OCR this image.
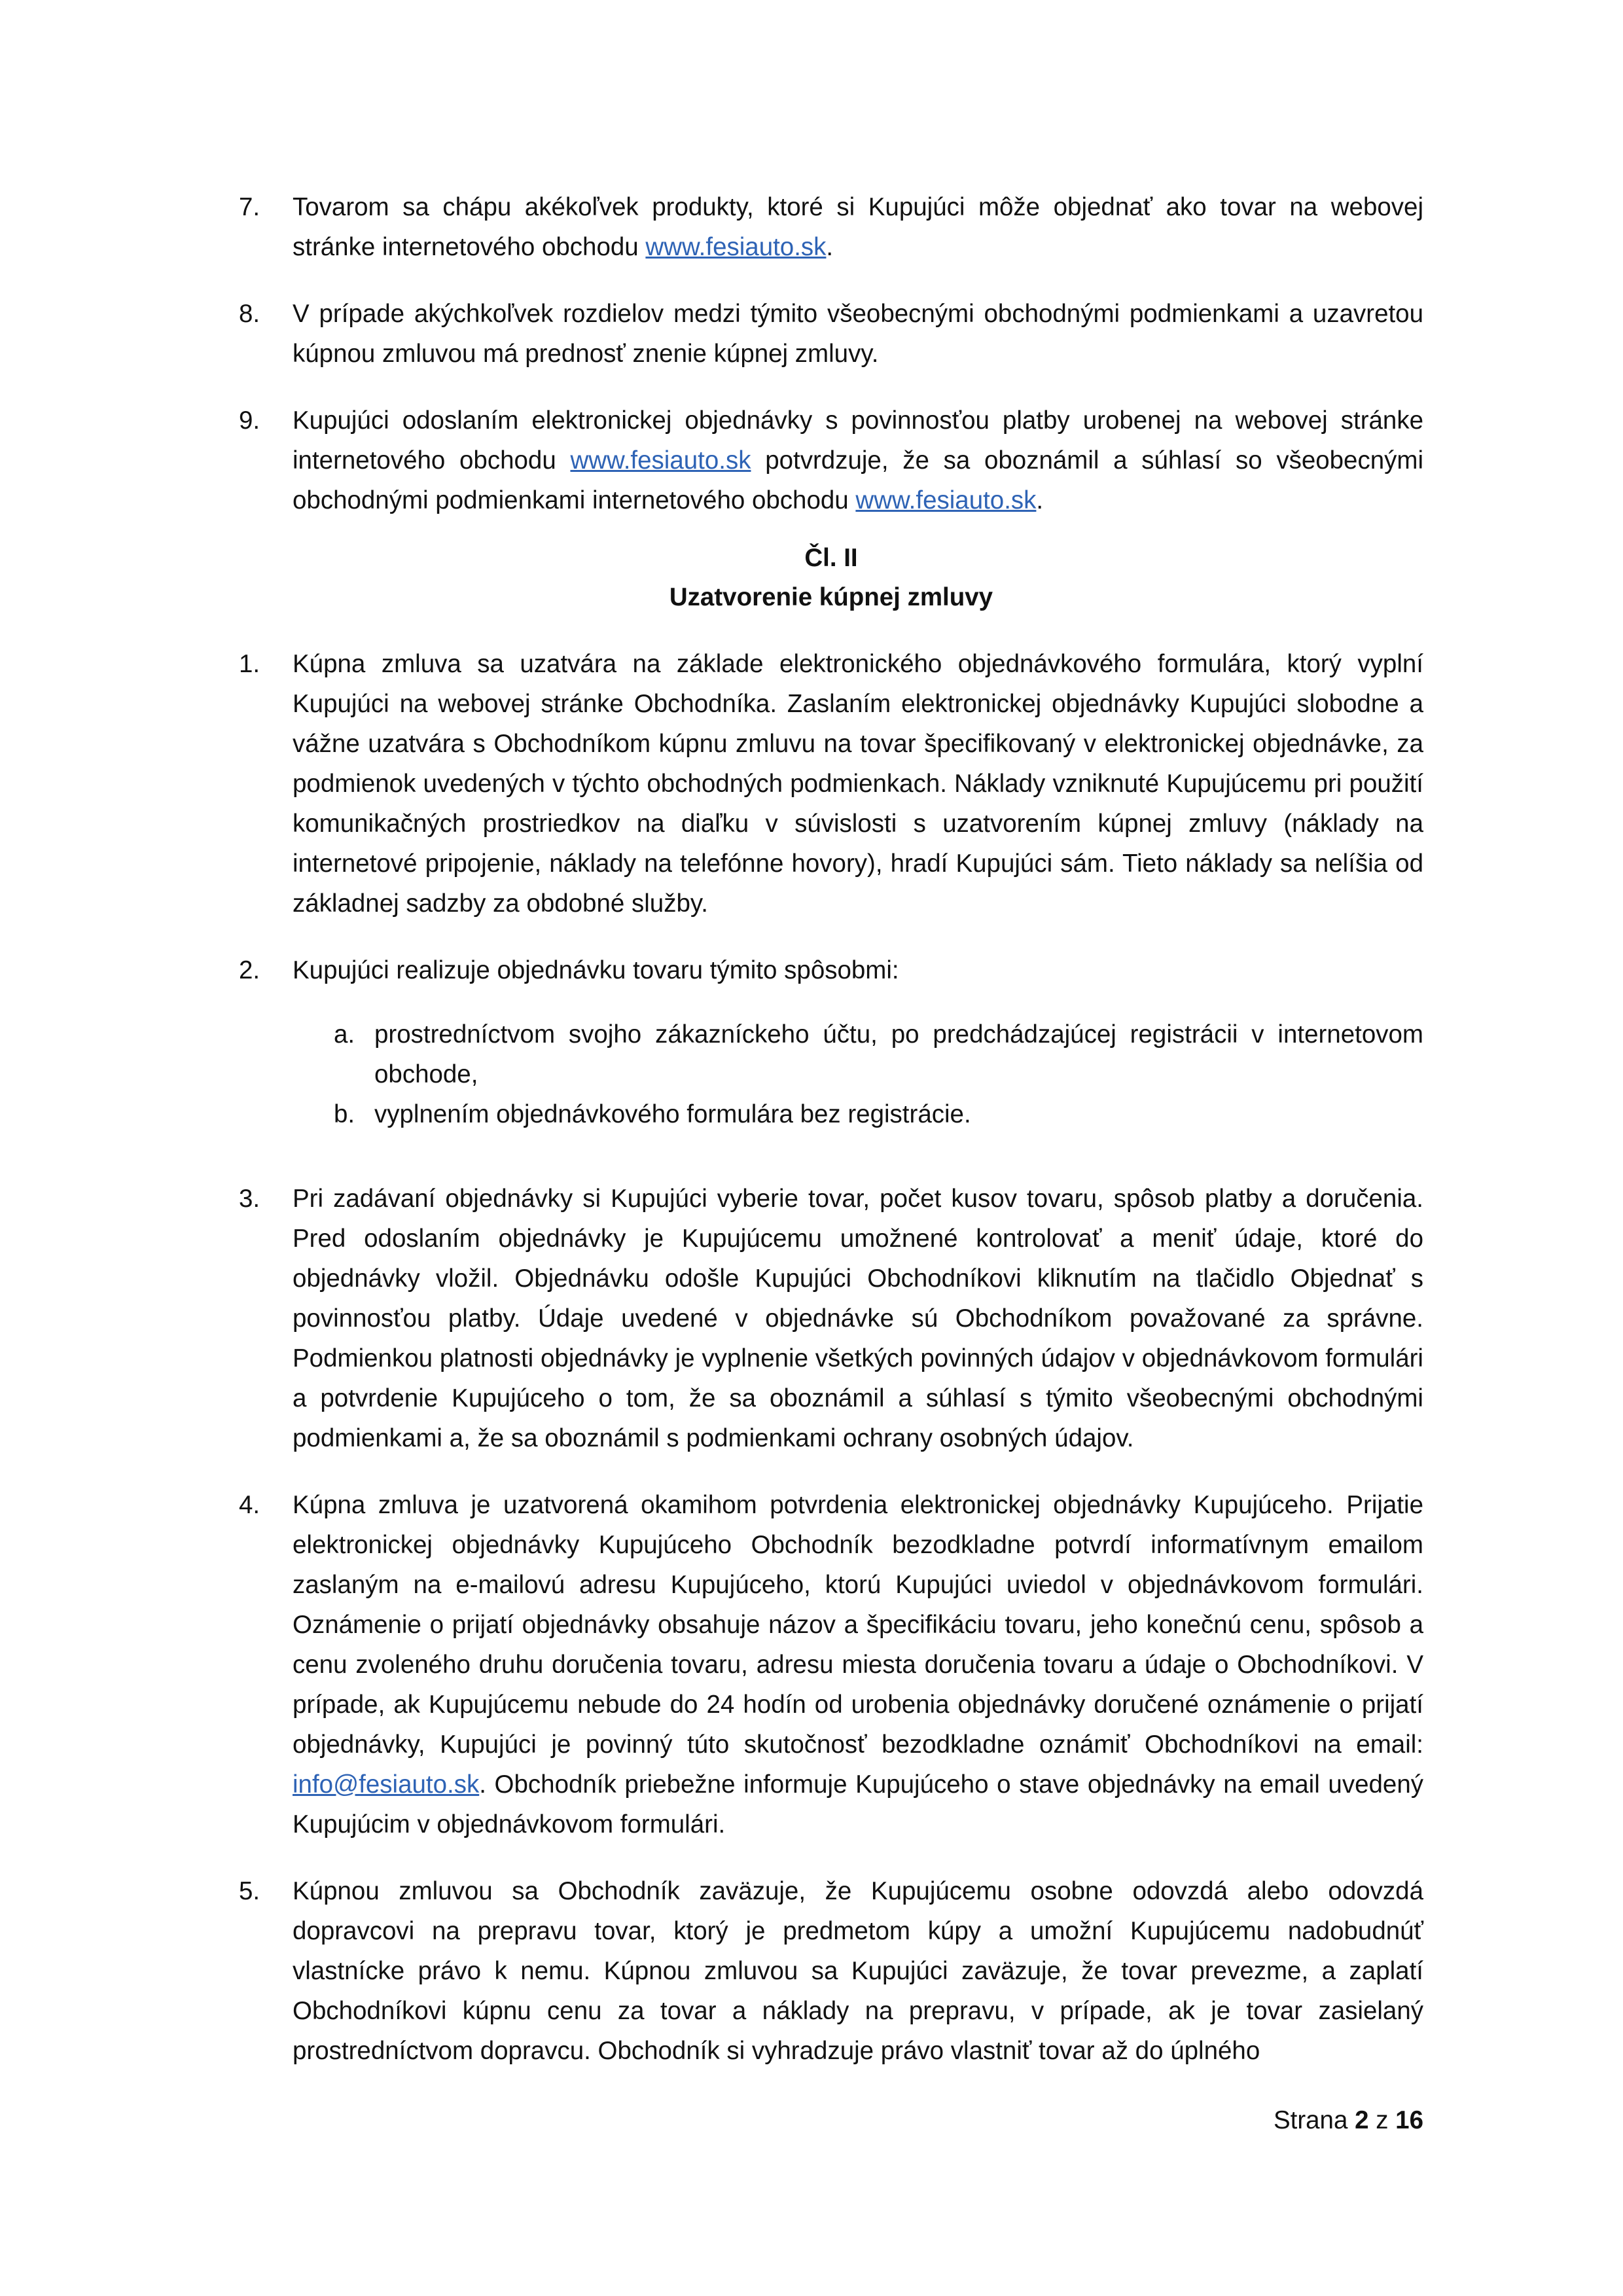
7. Tovarom sa chápu akékoľvek produkty, ktoré si Kupujúci môže objednať ako tovar na webovej stránke internetového obchodu www.fesiauto.sk.
8. V prípade akýchkoľvek rozdielov medzi týmito všeobecnými obchodnými podmienkami a uzavretou kúpnou zmluvou má prednosť znenie kúpnej zmluvy.
9. Kupujúci odoslaním elektronickej objednávky s povinnosťou platby urobenej na webovej stránke internetového obchodu www.fesiauto.sk potvrdzuje, že sa oboznámil a súhlasí so všeobecnými obchodnými podmienkami internetového obchodu www.fesiauto.sk.
Čl. II
Uzatvorenie kúpnej zmluvy
1. Kúpna zmluva sa uzatvára na základe elektronického objednávkového formulára, ktorý vyplní Kupujúci na webovej stránke Obchodníka. Zaslaním elektronickej objednávky Kupujúci slobodne a vážne uzatvára s Obchodníkom kúpnu zmluvu na tovar špecifikovaný v elektronickej objednávke, za podmienok uvedených v týchto obchodných podmienkach. Náklady vzniknuté Kupujúcemu pri použití komunikačných prostriedkov na diaľku v súvislosti s uzatvorením kúpnej zmluvy (náklady na internetové pripojenie, náklady na telefónne hovory), hradí Kupujúci sám. Tieto náklady sa nelíšia od základnej sadzby za obdobné služby.
2. Kupujúci realizuje objednávku tovaru týmito spôsobmi:
a. prostredníctvom svojho zákazníckeho účtu, po predchádzajúcej registrácii v internetovom obchode,
b. vyplnením objednávkového formulára bez registrácie.
3. Pri zadávaní objednávky si Kupujúci vyberie tovar, počet kusov tovaru, spôsob platby a doručenia. Pred odoslaním objednávky je Kupujúcemu umožnené kontrolovať a meniť údaje, ktoré do objednávky vložil. Objednávku odošle Kupujúci Obchodníkovi kliknutím na tlačidlo Objednať s povinnosťou platby. Údaje uvedené v objednávke sú Obchodníkom považované za správne. Podmienkou platnosti objednávky je vyplnenie všetkých povinných údajov v objednávkovom formulári a potvrdenie Kupujúceho o tom, že sa oboznámil a súhlasí s týmito všeobecnými obchodnými podmienkami a, že sa oboznámil s podmienkami ochrany osobných údajov.
4. Kúpna zmluva je uzatvorená okamihom potvrdenia elektronickej objednávky Kupujúceho. Prijatie elektronickej objednávky Kupujúceho Obchodník bezodkladne potvrdí informatívnym emailom zaslaným na e-mailovú adresu Kupujúceho, ktorú Kupujúci uviedol v objednávkovom formulári. Oznámenie o prijatí objednávky obsahuje názov a špecifikáciu tovaru, jeho konečnú cenu, spôsob a cenu zvoleného druhu doručenia tovaru, adresu miesta doručenia tovaru a údaje o Obchodníkovi. V prípade, ak Kupujúcemu nebude do 24 hodín od urobenia objednávky doručené oznámenie o prijatí objednávky, Kupujúci je povinný túto skutočnosť bezodkladne oznámiť Obchodníkovi na email: info@fesiauto.sk. Obchodník priebežne informuje Kupujúceho o stave objednávky na email uvedený Kupujúcim v objednávkovom formulári.
5. Kúpnou zmluvou sa Obchodník zaväzuje, že Kupujúcemu osobne odovzdá alebo odovzdá dopravcovi na prepravu tovar, ktorý je predmetom kúpy a umožní Kupujúcemu nadobudnúť vlastnícke právo k nemu. Kúpnou zmluvou sa Kupujúci zaväzuje, že tovar prevezme, a zaplatí Obchodníkovi kúpnu cenu za tovar a náklady na prepravu, v prípade, ak je tovar zasielaný prostredníctvom dopravcu. Obchodník si vyhradzuje právo vlastniť tovar až do úplného
Strana 2 z 16
